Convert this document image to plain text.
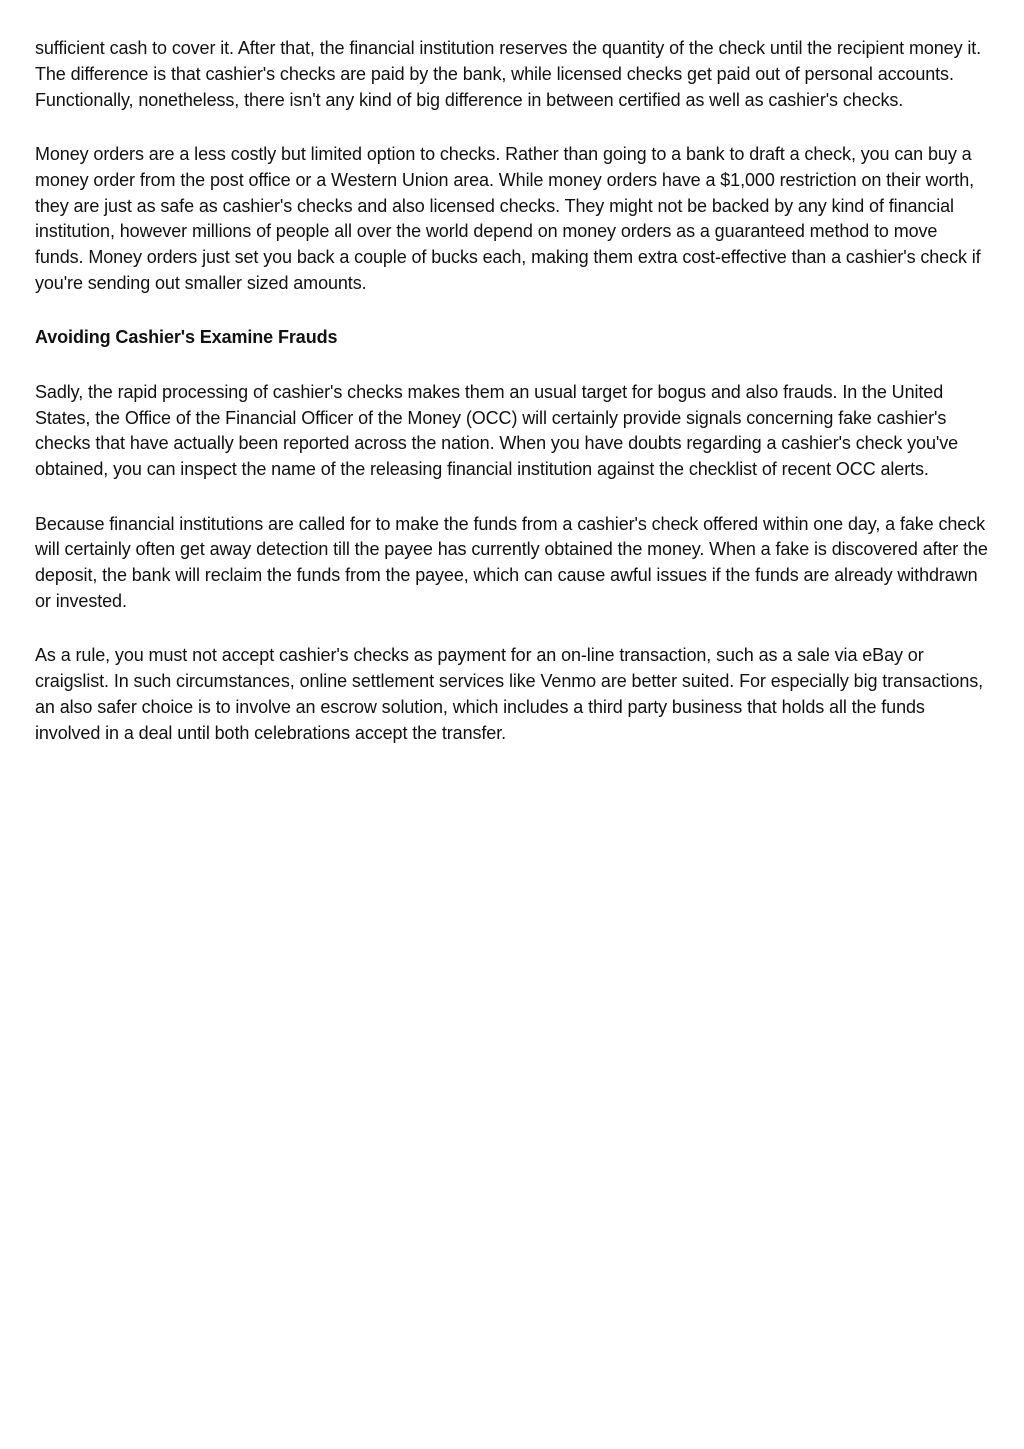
sufficient cash to cover it. After that, the financial institution reserves the quantity of the check until the recipient money it. The difference is that cashier's checks are paid by the bank, while licensed checks get paid out of personal accounts. Functionally, nonetheless, there isn't any kind of big difference in between certified as well as cashier's checks.

Money orders are a less costly but limited option to checks. Rather than going to a bank to draft a check, you can buy a money order from the post office or a Western Union area. While money orders have a $1,000 restriction on their worth, they are just as safe as cashier's checks and also licensed checks. They might not be backed by any kind of financial institution, however millions of people all over the world depend on money orders as a guaranteed method to move funds. Money orders just set you back a couple of bucks each, making them extra cost-effective than a cashier's check if you're sending out smaller sized amounts.

Avoiding Cashier's Examine Frauds

Sadly, the rapid processing of cashier's checks makes them an usual target for bogus and also frauds. In the United States, the Office of the Financial Officer of the Money (OCC) will certainly provide signals concerning fake cashier's checks that have actually been reported across the nation. When you have doubts regarding a cashier's check you've obtained, you can inspect the name of the releasing financial institution against the checklist of recent OCC alerts.

Because financial institutions are called for to make the funds from a cashier's check offered within one day, a fake check will certainly often get away detection till the payee has currently obtained the money. When a fake is discovered after the deposit, the bank will reclaim the funds from the payee, which can cause awful issues if the funds are already withdrawn or invested.

As a rule, you must not accept cashier's checks as payment for an on-line transaction, such as a sale via eBay or craigslist. In such circumstances, online settlement services like Venmo are better suited. For especially big transactions, an also safer choice is to involve an escrow solution, which includes a third party business that holds all the funds involved in a deal until both celebrations accept the transfer.
